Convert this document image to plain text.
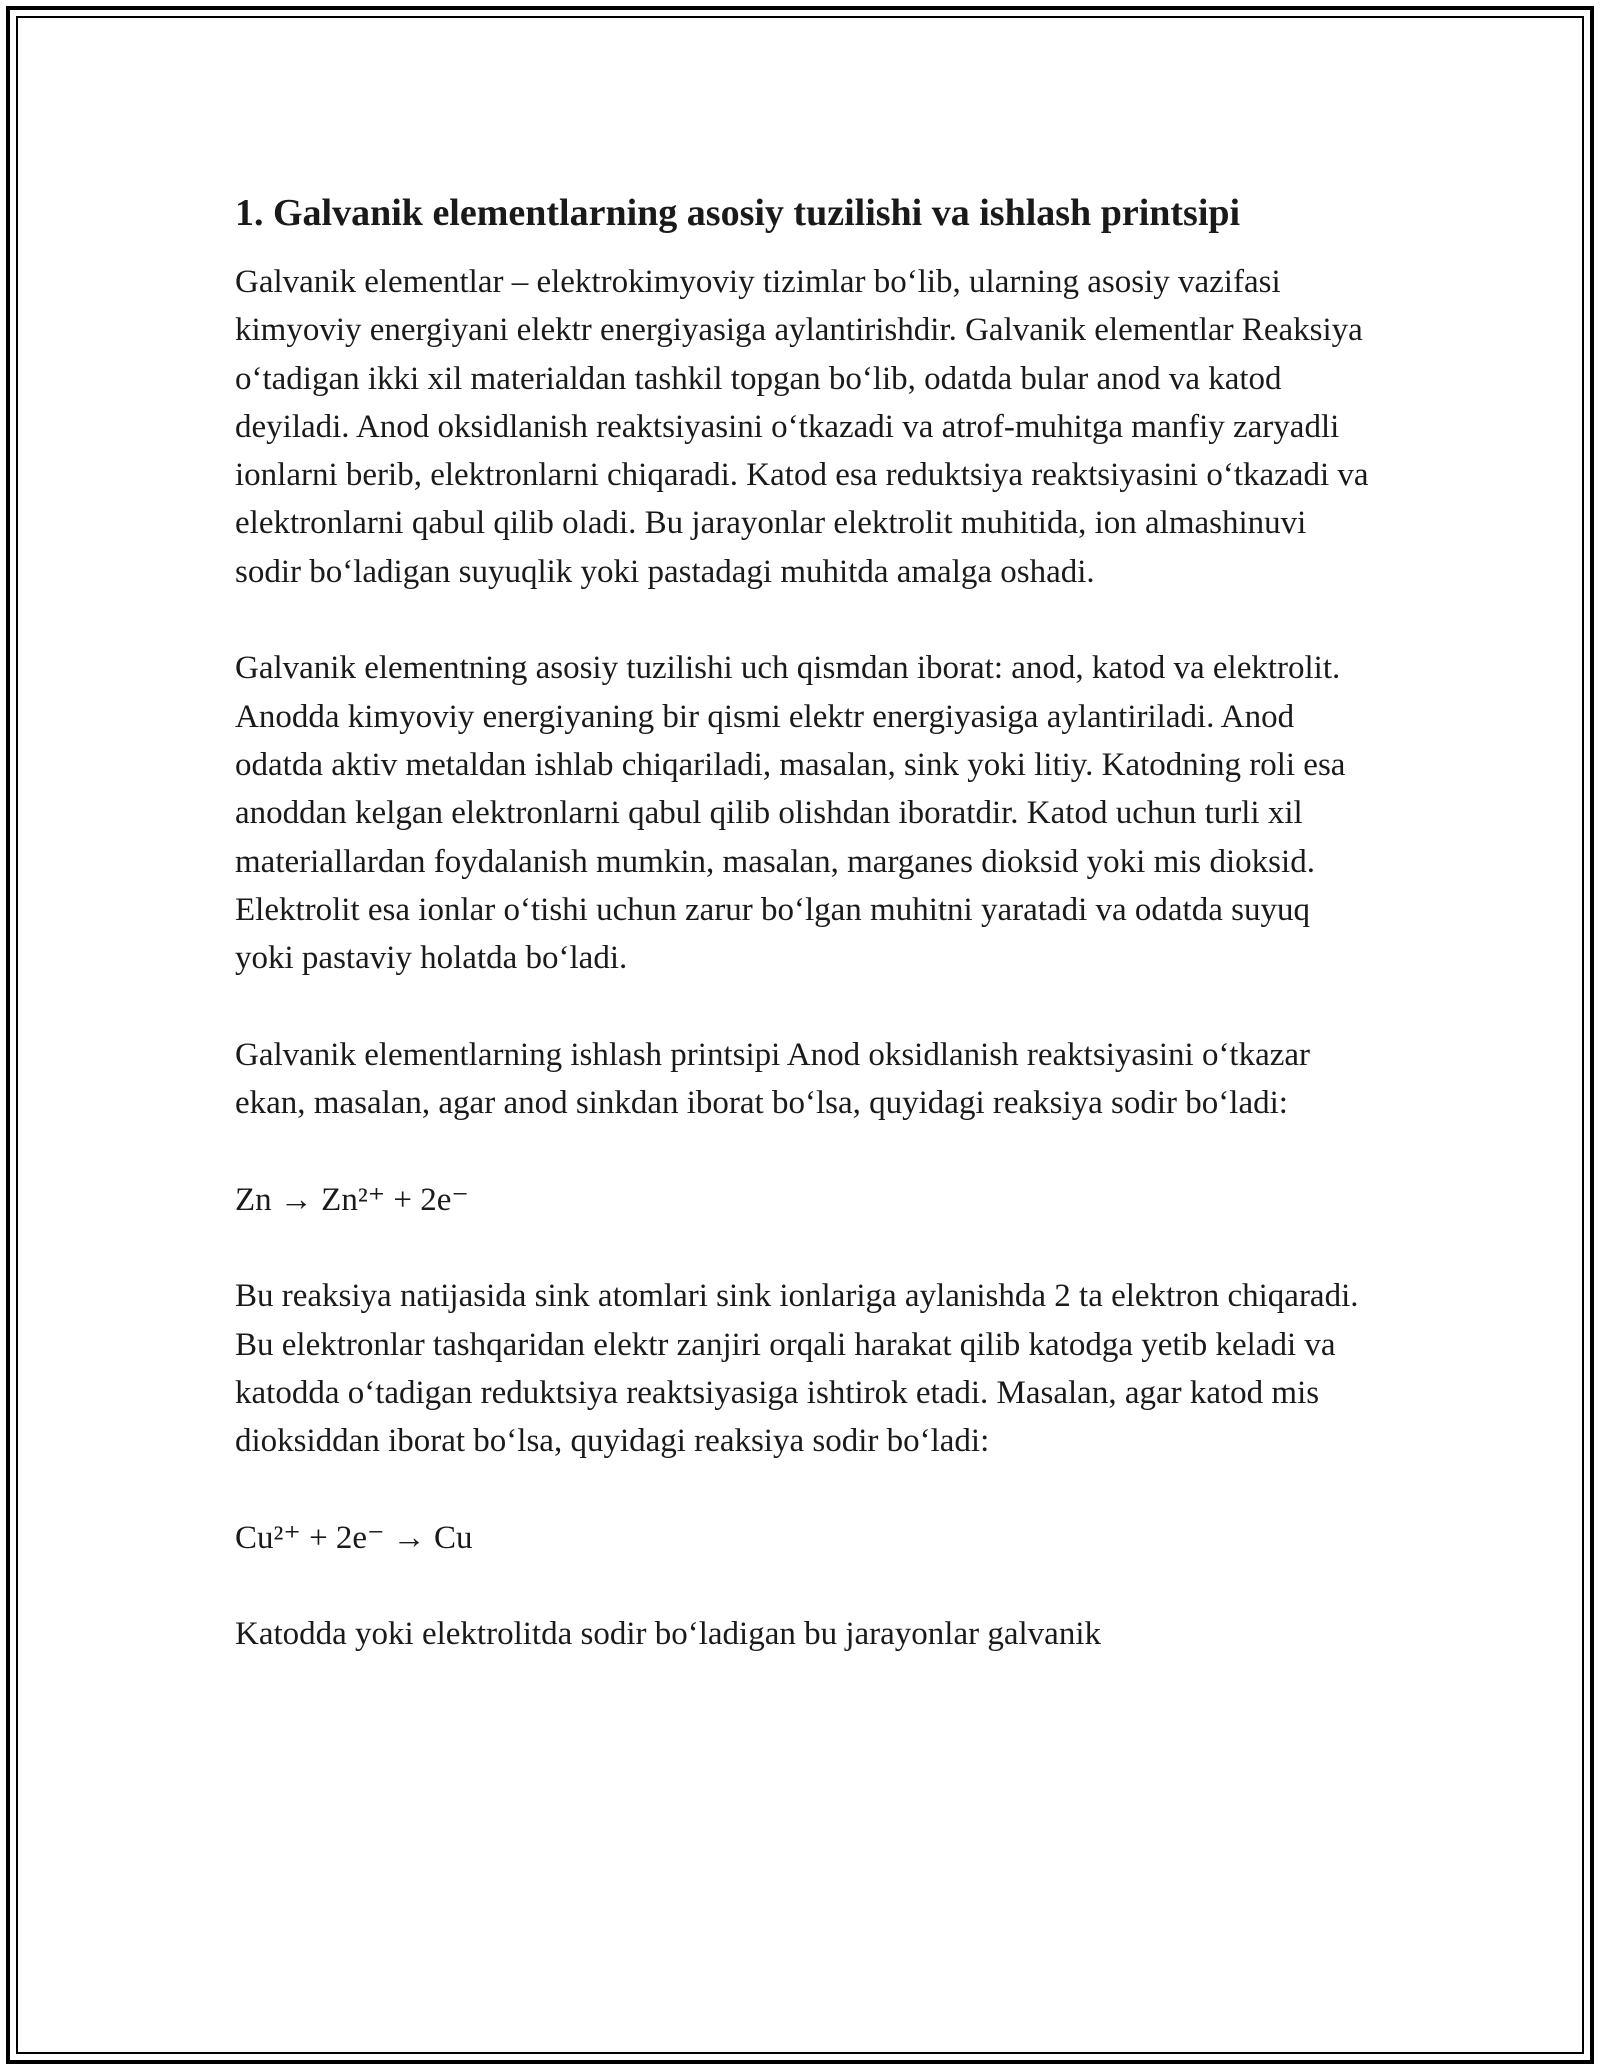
1. Galvanik elementlarning asosiy tuzilishi va ishlash printsipi

Galvanik elementlar – elektrokimyoviy tizimlar bo‘lib, ularning asosiy vazifasi kimyoviy energiyani elektr energiyasiga aylantirishdir. Galvanik elementlar Reaksiya o‘tadigan ikki xil materialdan tashkil topgan bo‘lib, odatda bular anod va katod deyiladi. Anod oksidlanish reaktsiyasini o‘tkazadi va atrof-muhitga manfiy zaryadli ionlarni berib, elektronlarni chiqaradi. Katod esa reduktsiya reaktsiyasini o‘tkazadi va elektronlarni qabul qilib oladi. Bu jarayonlar elektrolit muhitida, ion almashinuvi sodir bo‘ladigan suyuqlik yoki pastadagi muhitda amalga oshadi.

Galvanik elementning asosiy tuzilishi uch qismdan iborat: anod, katod va elektrolit. Anodda kimyoviy energiyaning bir qismi elektr energiyasiga aylantiriladi. Anod odatda aktiv metaldan ishlab chiqariladi, masalan, sink yoki litiy. Katodning roli esa anoddan kelgan elektronlarni qabul qilib olishdan iboratdir. Katod uchun turli xil materiallardan foydalanish mumkin, masalan, marganes dioksid yoki mis dioksid. Elektrolit esa ionlar o‘tishi uchun zarur bo‘lgan muhitni yaratadi va odatda suyuq yoki pastaviy holatda bo‘ladi.

Galvanik elementlarning ishlash printsipi Anod oksidlanish reaktsiyasini o‘tkazar ekan, masalan, agar anod sinkdan iborat bo‘lsa, quyidagi reaksiya sodir bo‘ladi:

Zn → Zn²⁺ + 2e⁻

Bu reaksiya natijasida sink atomlari sink ionlariga aylanishda 2 ta elektron chiqaradi. Bu elektronlar tashqaridan elektr zanjiri orqali harakat qilib katodga yetib keladi va katodda o‘tadigan reduktsiya reaktsiyasiga ishtirok etadi. Masalan, agar katod mis dioksiddan iborat bo‘lsa, quyidagi reaksiya sodir bo‘ladi:

Cu²⁺ + 2e⁻ → Cu

Katodda yoki elektrolitda sodir bo‘ladigan bu jarayonlar galvanik
